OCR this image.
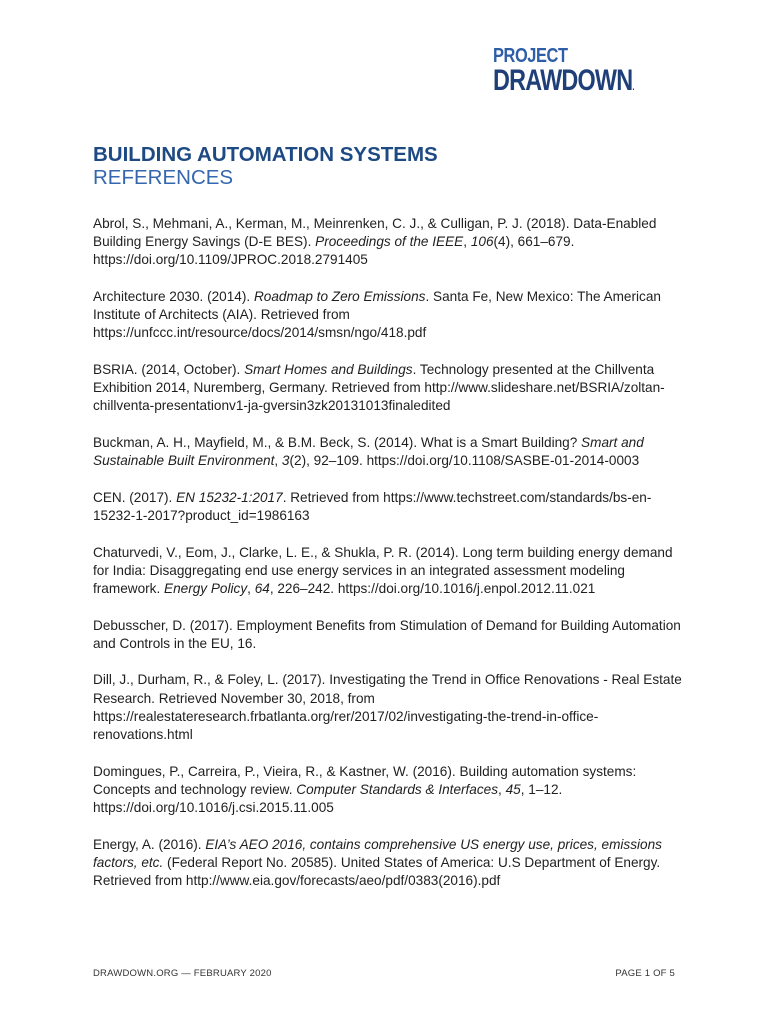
PROJECT
DRAWDOWN.
BUILDING AUTOMATION SYSTEMS
REFERENCES

Abrol, S., Mehmani, A., Kerman, M., Meinrenken, C. J., & Culligan, P. J. (2018). Data-Enabled Building Energy Savings (D-E BES). Proceedings of the IEEE, 106(4), 661–679. https://doi.org/10.1109/JPROC.2018.2791405

Architecture 2030. (2014). Roadmap to Zero Emissions. Santa Fe, New Mexico: The American Institute of Architects (AIA). Retrieved from https://unfccc.int/resource/docs/2014/smsn/ngo/418.pdf

BSRIA. (2014, October). Smart Homes and Buildings. Technology presented at the Chillventa Exhibition 2014, Nuremberg, Germany. Retrieved from http://www.slideshare.net/BSRIA/zoltan-chillventa-presentationv1-ja-gversin3zk20131013finaledited

Buckman, A. H., Mayfield, M., & B.M. Beck, S. (2014). What is a Smart Building? Smart and Sustainable Built Environment, 3(2), 92–109. https://doi.org/10.1108/SASBE-01-2014-0003

CEN. (2017). EN 15232-1:2017. Retrieved from https://www.techstreet.com/standards/bs-en-15232-1-2017?product_id=1986163

Chaturvedi, V., Eom, J., Clarke, L. E., & Shukla, P. R. (2014). Long term building energy demand for India: Disaggregating end use energy services in an integrated assessment modeling framework. Energy Policy, 64, 226–242. https://doi.org/10.1016/j.enpol.2012.11.021

Debusscher, D. (2017). Employment Benefits from Stimulation of Demand for Building Automation and Controls in the EU, 16.

Dill, J., Durham, R., & Foley, L. (2017). Investigating the Trend in Office Renovations - Real Estate Research. Retrieved November 30, 2018, from https://realestateresearch.frbatlanta.org/rer/2017/02/investigating-the-trend-in-office-renovations.html

Domingues, P., Carreira, P., Vieira, R., & Kastner, W. (2016). Building automation systems: Concepts and technology review. Computer Standards & Interfaces, 45, 1–12. https://doi.org/10.1016/j.csi.2015.11.005

Energy, A. (2016). EIA’s AEO 2016, contains comprehensive US energy use, prices, emissions factors, etc. (Federal Report No. 20585). United States of America: U.S Department of Energy. Retrieved from http://www.eia.gov/forecasts/aeo/pdf/0383(2016).pdf

DRAWDOWN.ORG — FEBRUARY 2020	PAGE 1 OF 5
